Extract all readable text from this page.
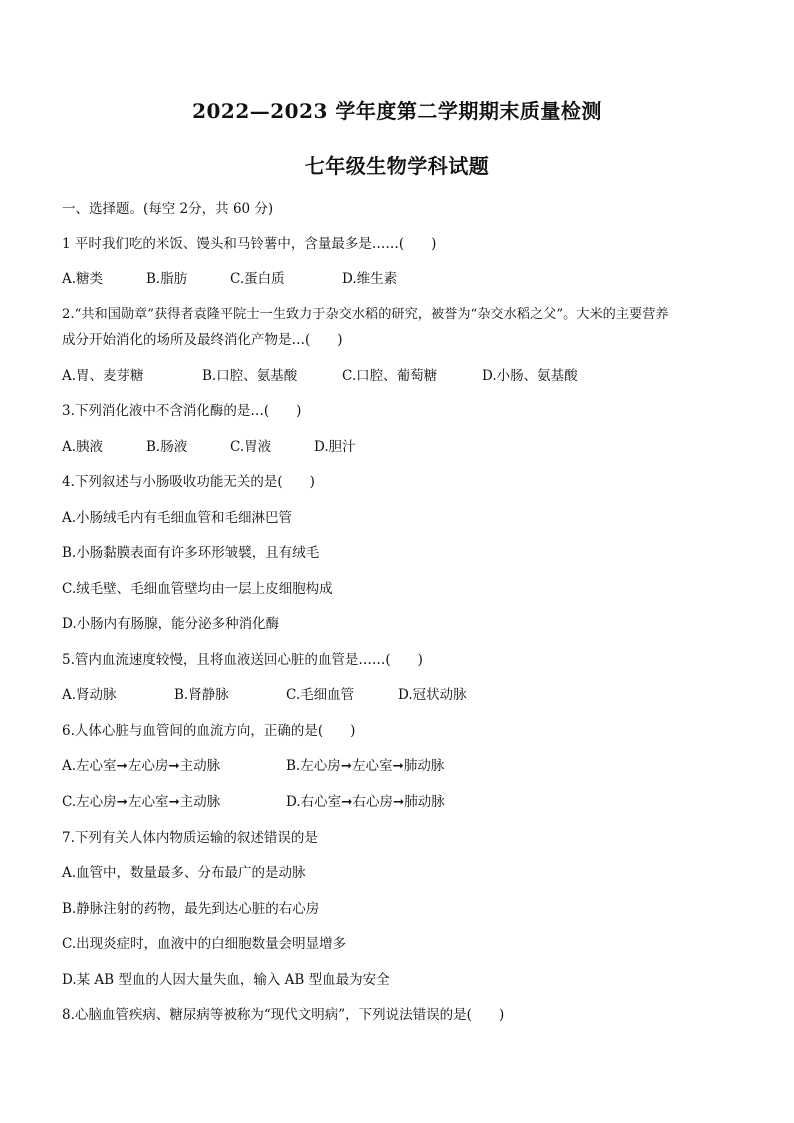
2022—2023 学年度第二学期期末质量检测
七年级生物学科试题
一、选择题。(每空 2分，共 60 分)
1 平时我们吃的米饭、馒头和马铃薯中，含量最多是……(　　)
A.糖类	B.脂肪	C.蛋白质	D.维生素
2.“共和国勋章”获得者袁隆平院士一生致力于杂交水稻的研究，被誉为“杂交水稻之父”。大米的主要营养
成分开始消化的场所及最终消化产物是…(　　)
A.胃、麦芽糖	B.口腔、氨基酸	C.口腔、葡萄糖	D.小肠、氨基酸
3.下列消化液中不含消化酶的是…(　　)
A.胰液	B.肠液	C.胃液	D.胆汁
4.下列叙述与小肠吸收功能无关的是(　　)
A.小肠绒毛内有毛细血管和毛细淋巴管
B.小肠黏膜表面有许多环形皱襞，且有绒毛
C.绒毛壁、毛细血管壁均由一层上皮细胞构成
D.小肠内有肠腺，能分泌多种消化酶
5.管内血流速度较慢，且将血液送回心脏的血管是……(　　)
A.肾动脉	B.肾静脉	C.毛细血管	D.冠状动脉
6.人体心脏与血管间的血流方向，正确的是(　　)
A.左心室➞左心房➞主动脉	B.左心房➞左心室➞肺动脉
C.左心房➞左心室➞主动脉	D.右心室➞右心房➞肺动脉
7.下列有关人体内物质运输的叙述错误的是
A.血管中，数量最多、分布最广的是动脉
B.静脉注射的药物，最先到达心脏的右心房
C.出现炎症时，血液中的白细胞数量会明显增多
D.某 AB 型血的人因大量失血，输入 AB 型血最为安全
8.心脑血管疾病、糖尿病等被称为“现代文明病”，下列说法错误的是(　　)
